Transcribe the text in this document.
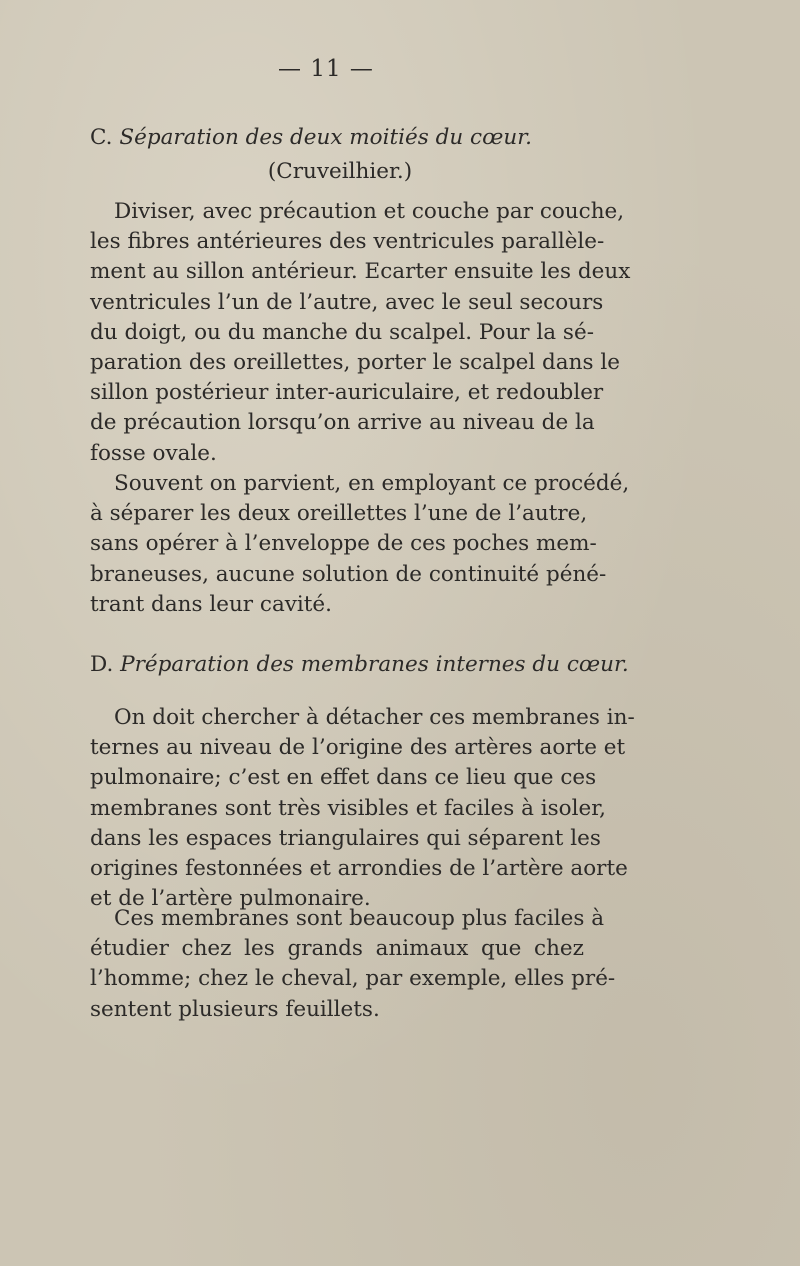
— 11 —
C. Séparation des deux moitiés du cœur.
(Cruveilhier.)
Diviser, avec précaution et couche par couche,
les fibres antérieures des ventricules parallèle-
ment au sillon antérieur. Ecarter ensuite les deux
ventricules l’un de l’autre, avec le seul secours
du doigt, ou du manche du scalpel. Pour la sé-
paration des oreillettes, porter le scalpel dans le
sillon postérieur inter-auriculaire, et redoubler
de précaution lorsqu’on arrive au niveau de la
fosse ovale.
Souvent on parvient, en employant ce procédé,
à séparer les deux oreillettes l’une de l’autre,
sans opérer à l’enveloppe de ces poches mem-
braneuses, aucune solution de continuité péné-
trant dans leur cavité.
D. Préparation des membranes internes du cœur.
On doit chercher à détacher ces membranes in-
ternes au niveau de l’origine des artères aorte et
pulmonaire; c’est en effet dans ce lieu que ces
membranes sont très visibles et faciles à isoler,
dans les espaces triangulaires qui séparent les
origines festonnées et arrondies de l’artère aorte
et de l’artère pulmonaire.
Ces membranes sont beaucoup plus faciles à
étudier chez les grands animaux que chez
l’homme; chez le cheval, par exemple, elles pré-
sentent plusieurs feuillets.
